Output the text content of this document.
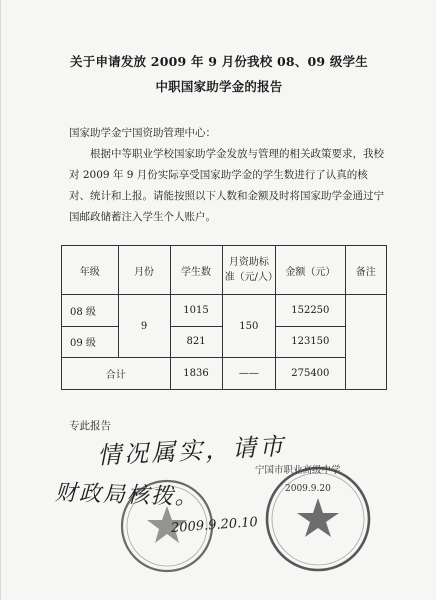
关于申请发放 2009 年 9 月份我校 08、09 级学生
中职国家助学金的报告
国家助学金宁国资助管理中心：
根据中等职业学校国家助学金发放与管理的相关政策要求，我校对 2009 年 9 月份实际享受国家助学金的学生数进行了认真的核对、统计和上报。请能按照以下人数和金额及时将国家助学金通过宁国邮政储蓄注入学生个人账户。
年级	月份	学生数	月资助标准（元/人）	金额（元）	备注
08 级	9	1015	150	152250	
09 级		821		123150	
合计		1836	——	275400	
专此报告
宁国市职业高级中学
2009.9.20
情况属实，请市
财政局核拨。
2009.9.20.10
